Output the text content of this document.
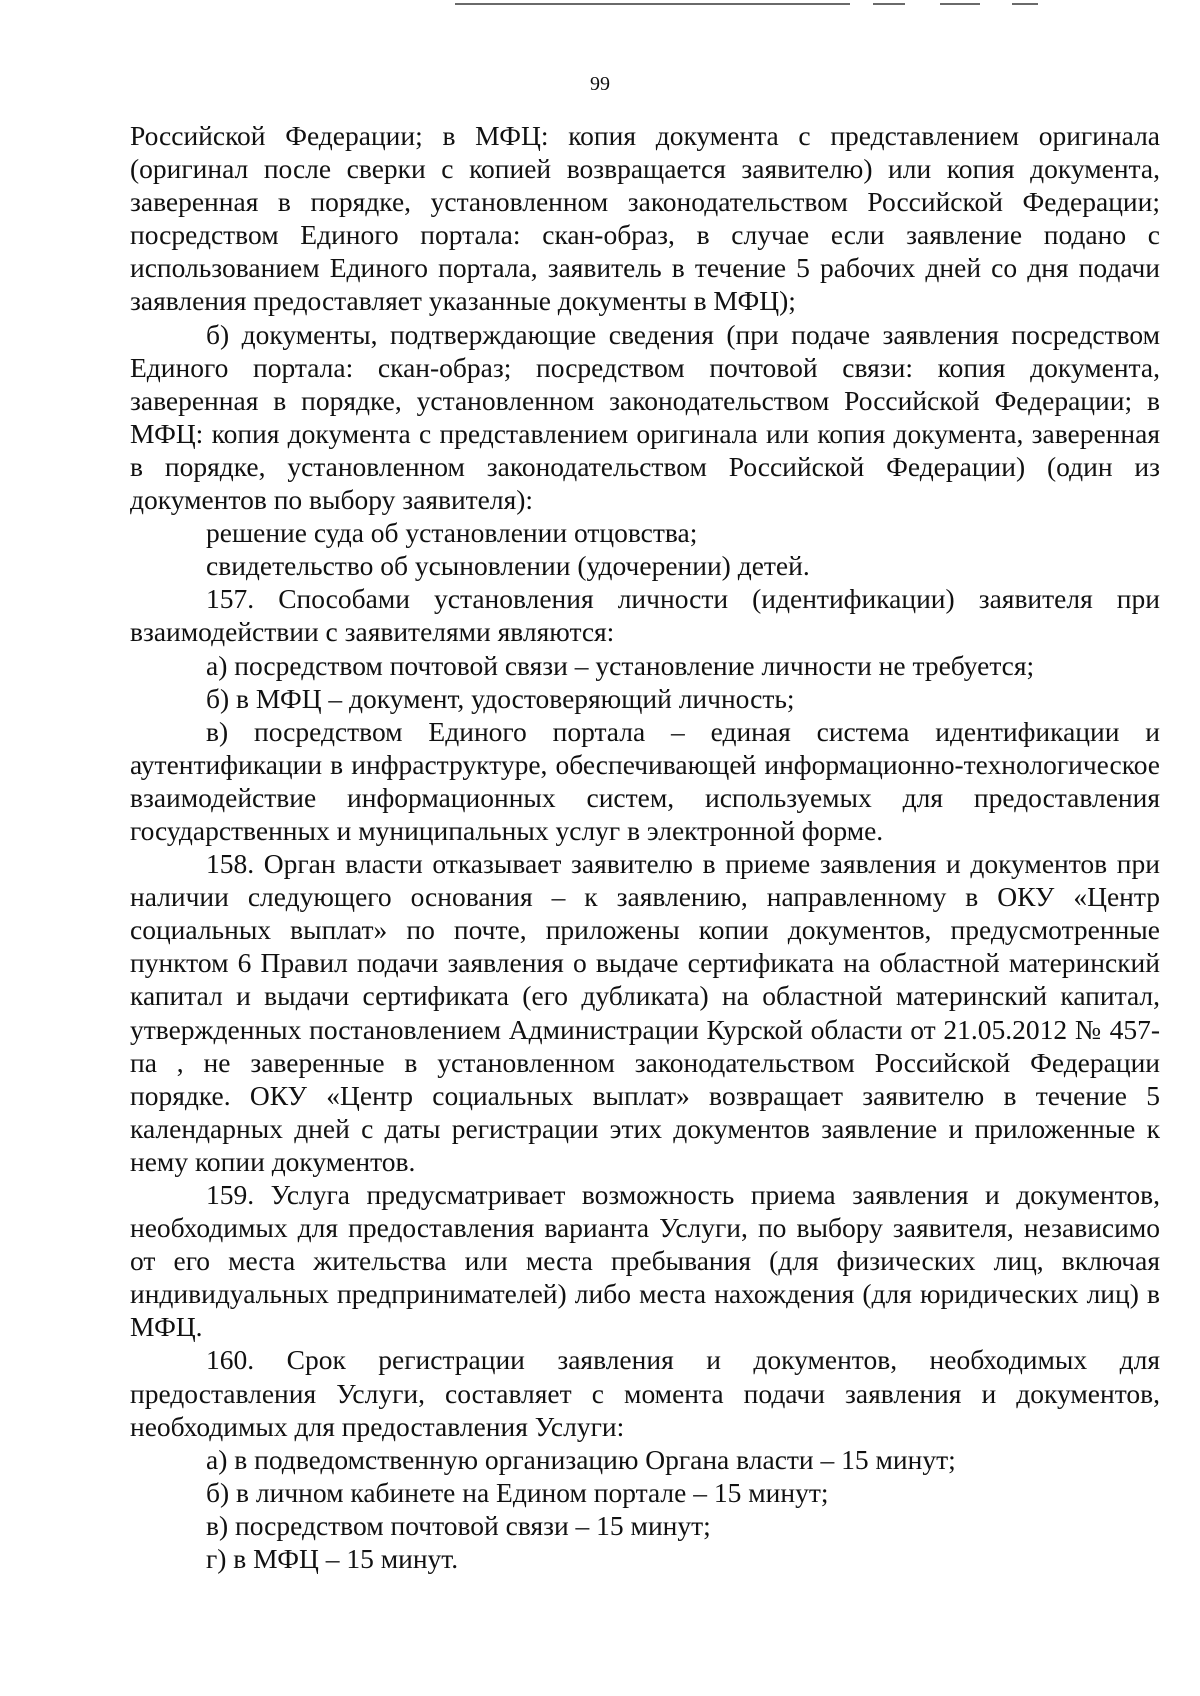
99

Российской Федерации; в МФЦ: копия документа с представлением оригинала (оригинал после сверки с копией возвращается заявителю) или копия документа, заверенная в порядке, установленном законодательством Российской Федерации; посредством Единого портала: скан-образ, в случае если заявление подано с использованием Единого портала, заявитель в течение 5 рабочих дней со дня подачи заявления предоставляет указанные документы в МФЦ);

б) документы, подтверждающие сведения (при подаче заявления посредством Единого портала: скан-образ; посредством почтовой связи: копия документа, заверенная в порядке, установленном законодательством Российской Федерации; в МФЦ: копия документа с представлением оригинала или копия документа, заверенная в порядке, установленном законодательством Российской Федерации) (один из документов по выбору заявителя):

решение суда об установлении отцовства;

свидетельство об усыновлении (удочерении) детей.

157. Способами установления личности (идентификации) заявителя при взаимодействии с заявителями являются:

а) посредством почтовой связи – установление личности не требуется;

б) в МФЦ – документ, удостоверяющий личность;

в) посредством Единого портала – единая система идентификации и аутентификации в инфраструктуре, обеспечивающей информационно-технологическое взаимодействие информационных систем, используемых для предоставления государственных и муниципальных услуг в электронной форме.

158. Орган власти отказывает заявителю в приеме заявления и документов при наличии следующего основания – к заявлению, направленному в ОКУ «Центр социальных выплат» по почте, приложены копии документов, предусмотренные пунктом 6 Правил подачи заявления о выдаче сертификата на областной материнский капитал и выдачи сертификата (его дубликата) на областной материнский капитал, утвержденных постановлением Администрации Курской области от 21.05.2012 № 457-па , не заверенные в установленном законодательством Российской Федерации порядке. ОКУ «Центр социальных выплат» возвращает заявителю в течение 5 календарных дней с даты регистрации этих документов заявление и приложенные к нему копии документов.

159. Услуга предусматривает возможность приема заявления и документов, необходимых для предоставления варианта Услуги, по выбору заявителя, независимо от его места жительства или места пребывания (для физических лиц, включая индивидуальных предпринимателей) либо места нахождения (для юридических лиц) в МФЦ.

160. Срок регистрации заявления и документов, необходимых для предоставления Услуги, составляет с момента подачи заявления и документов, необходимых для предоставления Услуги:

а) в подведомственную организацию Органа власти – 15 минут;

б) в личном кабинете на Едином портале – 15 минут;

в) посредством почтовой связи – 15 минут;

г) в МФЦ – 15 минут.
